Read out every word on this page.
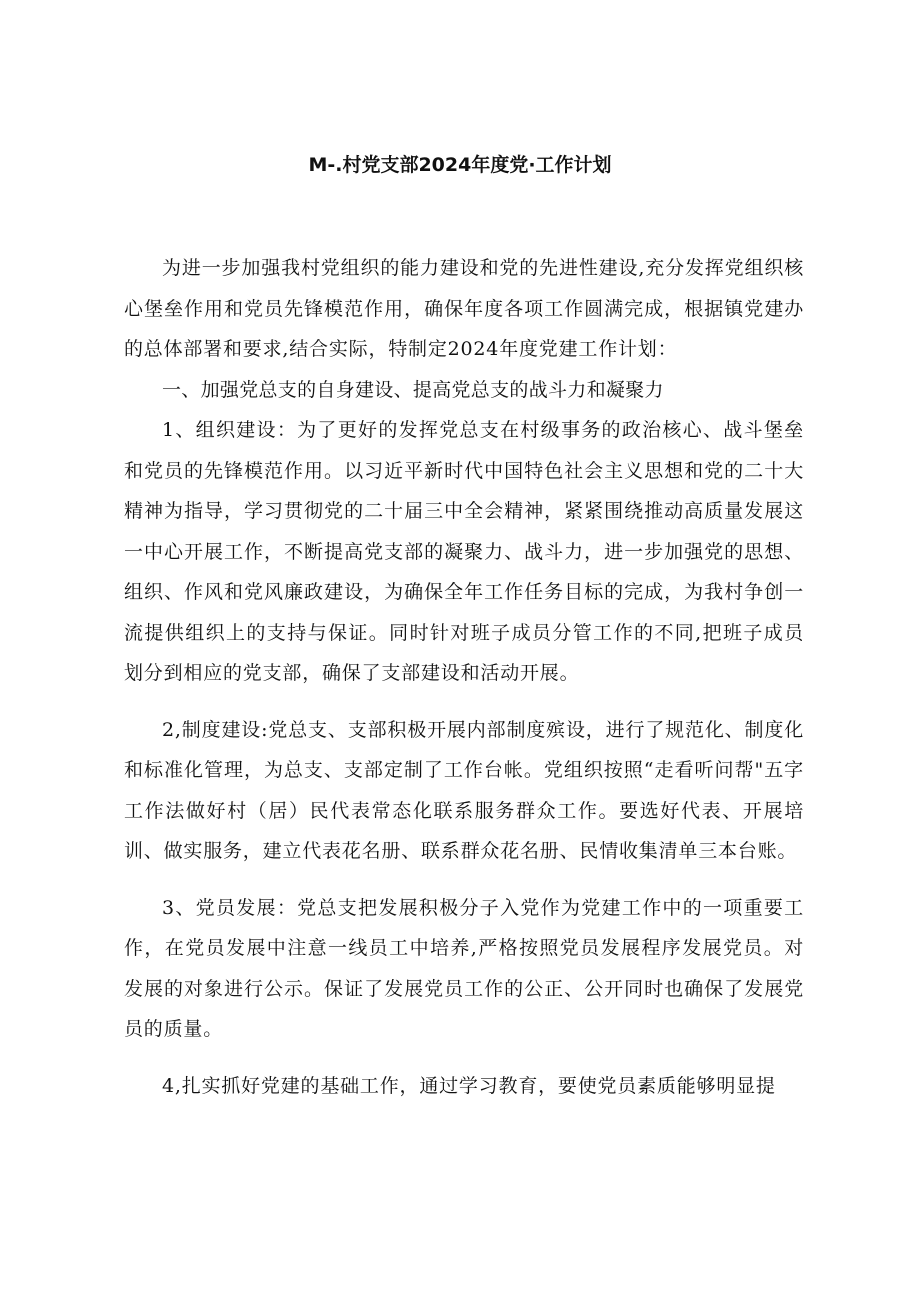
M-.村党支部2024年度党·工作计划

为进一步加强我村党组织的能力建设和党的先进性建设,充分发挥党组织核心堡垒作用和党员先锋模范作用，确保年度各项工作圆满完成，根据镇党建办的总体部署和要求,结合实际，特制定2024年度党建工作计划：

一、加强党总支的自身建设、提高党总支的战斗力和凝聚力

1、组织建设：为了更好的发挥党总支在村级事务的政治核心、战斗堡垒和党员的先锋模范作用。以习近平新时代中国特色社会主义思想和党的二十大精神为指导，学习贯彻党的二十届三中全会精神，紧紧围绕推动高质量发展这一中心开展工作，不断提高党支部的凝聚力、战斗力，进一步加强党的思想、组织、作风和党风廉政建设，为确保全年工作任务目标的完成，为我村争创一流提供组织上的支持与保证。同时针对班子成员分管工作的不同,把班子成员划分到相应的党支部，确保了支部建设和活动开展。

2,制度建设:党总支、支部积极开展内部制度殡设，进行了规范化、制度化和标准化管理，为总支、支部定制了工作台帐。党组织按照“走看听问帮"五字工作法做好村（居）民代表常态化联系服务群众工作。要选好代表、开展培训、做实服务，建立代表花名册、联系群众花名册、民情收集清单三本台账。

3、党员发展：党总支把发展积极分子入党作为党建工作中的一项重要工作，在党员发展中注意一线员工中培养,严格按照党员发展程序发展党员。对发展的对象进行公示。保证了发展党员工作的公正、公开同时也确保了发展党员的质量。

4,扎实抓好党建的基础工作，通过学习教育，要使党员素质能够明显提
